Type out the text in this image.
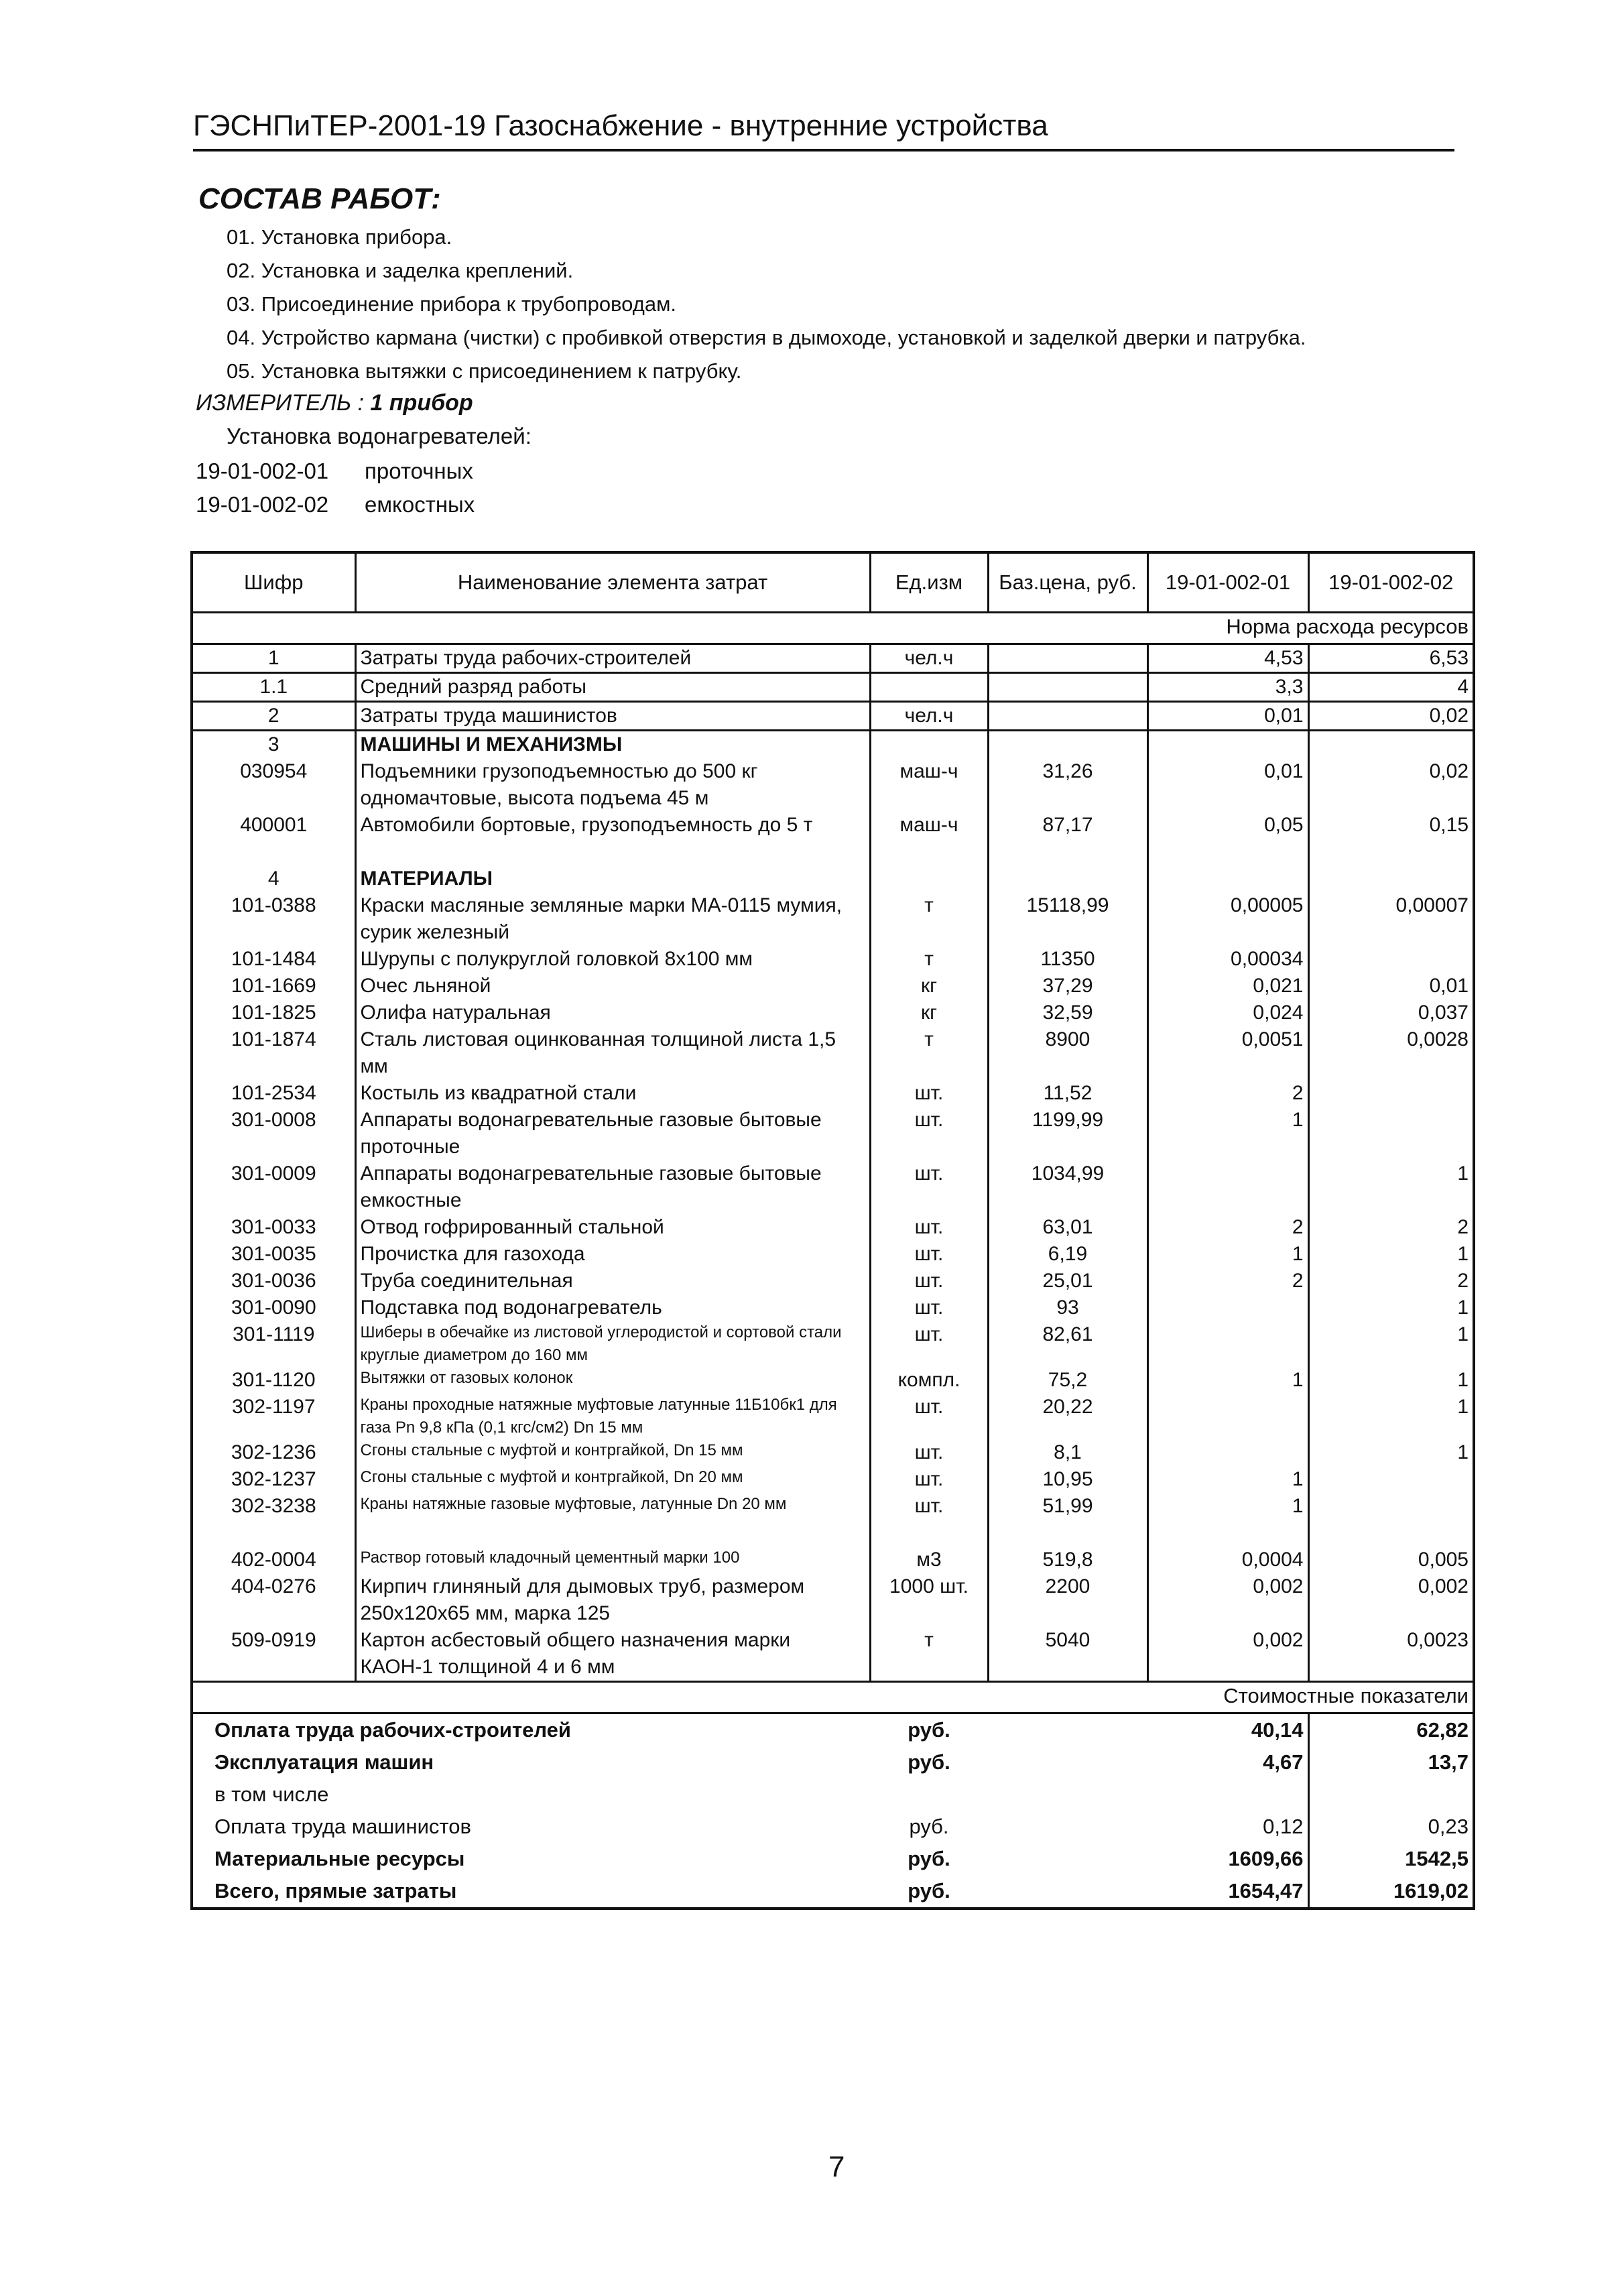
ГЭСНПиТЕР-2001-19 Газоснабжение - внутренние устройства
СОСТАВ РАБОТ:
01. Установка прибора.
02. Установка и заделка креплений.
03. Присоединение прибора к трубопроводам.
04. Устройство кармана (чистки) с пробивкой отверстия в дымоходе, установкой и заделкой дверки и патрубка.
05. Установка вытяжки с присоединением к патрубку.
ИЗМЕРИТЕЛЬ : 1 прибор
Установка водонагревателей:
19-01-002-01 проточных
19-01-002-02 емкостных
Шифр	Наименование элемента затрат	Ед.изм	Баз.цена, руб.	19-01-002-01	19-01-002-02
Норма расхода ресурсов					
1	Затраты труда рабочих-строителей	чел.ч		4,53	6,53
1.1	Средний разряд работы			3,3	4
2	Затраты труда машинистов	чел.ч		0,01	0,02
3	МАШИНЫ И МЕХАНИЗМЫ				
030954	Подъемники грузоподъемностью до 500 кг одномачтовые, высота подъема 45 м	маш-ч	31,26	0,01	0,02
400001	Автомобили бортовые, грузоподъемность до 5 т	маш-ч	87,17	0,05	0,15

4	МАТЕРИАЛЫ				
101-0388	Краски масляные земляные марки МА-0115 мумия, сурик железный	т	15118,99	0,00005	0,00007
101-1484	Шурупы с полукруглой головкой 8x100 мм	т	11350	0,00034	
101-1669	Очес льняной	кг	37,29	0,021	0,01
101-1825	Олифа натуральная	кг	32,59	0,024	0,037
101-1874	Сталь листовая оцинкованная толщиной листа 1,5 мм	т	8900	0,0051	0,0028
101-2534	Костыль из квадратной стали	шт.	11,52	2	
301-0008	Аппараты водонагревательные газовые бытовые проточные	шт.	1199,99	1	
301-0009	Аппараты водонагревательные газовые бытовые емкостные	шт.	1034,99		1
301-0033	Отвод гофрированный стальной	шт.	63,01	2	2
301-0035	Прочистка для газохода	шт.	6,19	1	1
301-0036	Труба соединительная	шт.	25,01	2	2
301-0090	Подставка под водонагреватель	шт.	93		1
301-1119	Шиберы в обечайке из листовой углеродистой и сортовой стали круглые диаметром до 160 мм	шт.	82,61		1
301-1120	Вытяжки от газовых колонок	компл.	75,2	1	1
302-1197	Краны проходные натяжные муфтовые латунные 11Б10бк1 для газа Pn 9,8 кПа (0,1 кгс/см2) Dn 15 мм	шт.	20,22		1
302-1236	Сгоны стальные с муфтой и контргайкой, Dn 15 мм	шт.	8,1		1
302-1237	Сгоны стальные с муфтой и контргайкой, Dn 20 мм	шт.	10,95	1	
302-3238	Краны натяжные газовые муфтовые, латунные Dn 20 мм	шт.	51,99	1	

402-0004	Раствор готовый кладочный цементный марки 100	м3	519,8	0,0004	0,005
404-0276	Кирпич глиняный для дымовых труб, размером 250x120x65 мм, марка 125	1000 шт.	2200	0,002	0,002
509-0919	Картон асбестовый общего назначения марки КАОН-1 толщиной 4 и 6 мм	т	5040	0,002	0,0023
Стоимостные показатели					
Оплата труда рабочих-строителей		руб.		40,14	62,82
Эксплуатация машин		руб.		4,67	13,7
в том числе					
Оплата труда машинистов		руб.		0,12	0,23
Материальные ресурсы		руб.		1609,66	1542,5
Всего, прямые затраты		руб.		1654,47	1619,02
7
